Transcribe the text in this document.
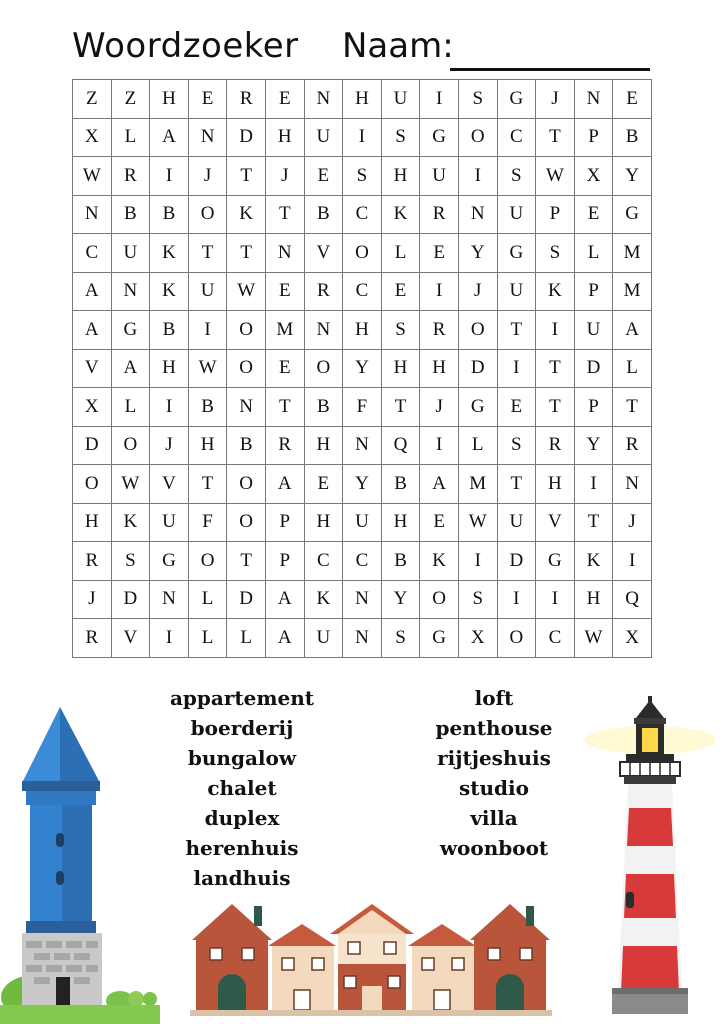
Woordzoeker Naam:
Z	Z	H	E	R	E	N	H	U	I	S	G	J	N	E
X	L	A	N	D	H	U	I	S	G	O	C	T	P	B
W	R	I	J	T	J	E	S	H	U	I	S	W	X	Y
N	B	B	O	K	T	B	C	K	R	N	U	P	E	G
C	U	K	T	T	N	V	O	L	E	Y	G	S	L	M
A	N	K	U	W	E	R	C	E	I	J	U	K	P	M
A	G	B	I	O	M	N	H	S	R	O	T	I	U	A
V	A	H	W	O	E	O	Y	H	H	D	I	T	D	L
X	L	I	B	N	T	B	F	T	J	G	E	T	P	T
D	O	J	H	B	R	H	N	Q	I	L	S	R	Y	R
O	W	V	T	O	A	E	Y	B	A	M	T	H	I	N
H	K	U	F	O	P	H	U	H	E	W	U	V	T	J
R	S	G	O	T	P	C	C	B	K	I	D	G	K	I
J	D	N	L	D	A	K	N	Y	O	S	I	I	H	Q
R	V	I	L	L	A	U	N	S	G	X	O	C	W	X
appartement
boerderij
bungalow
chalet
duplex
herenhuis
landhuis
loft
penthouse
rijtjeshuis
studio
villa
woonboot
